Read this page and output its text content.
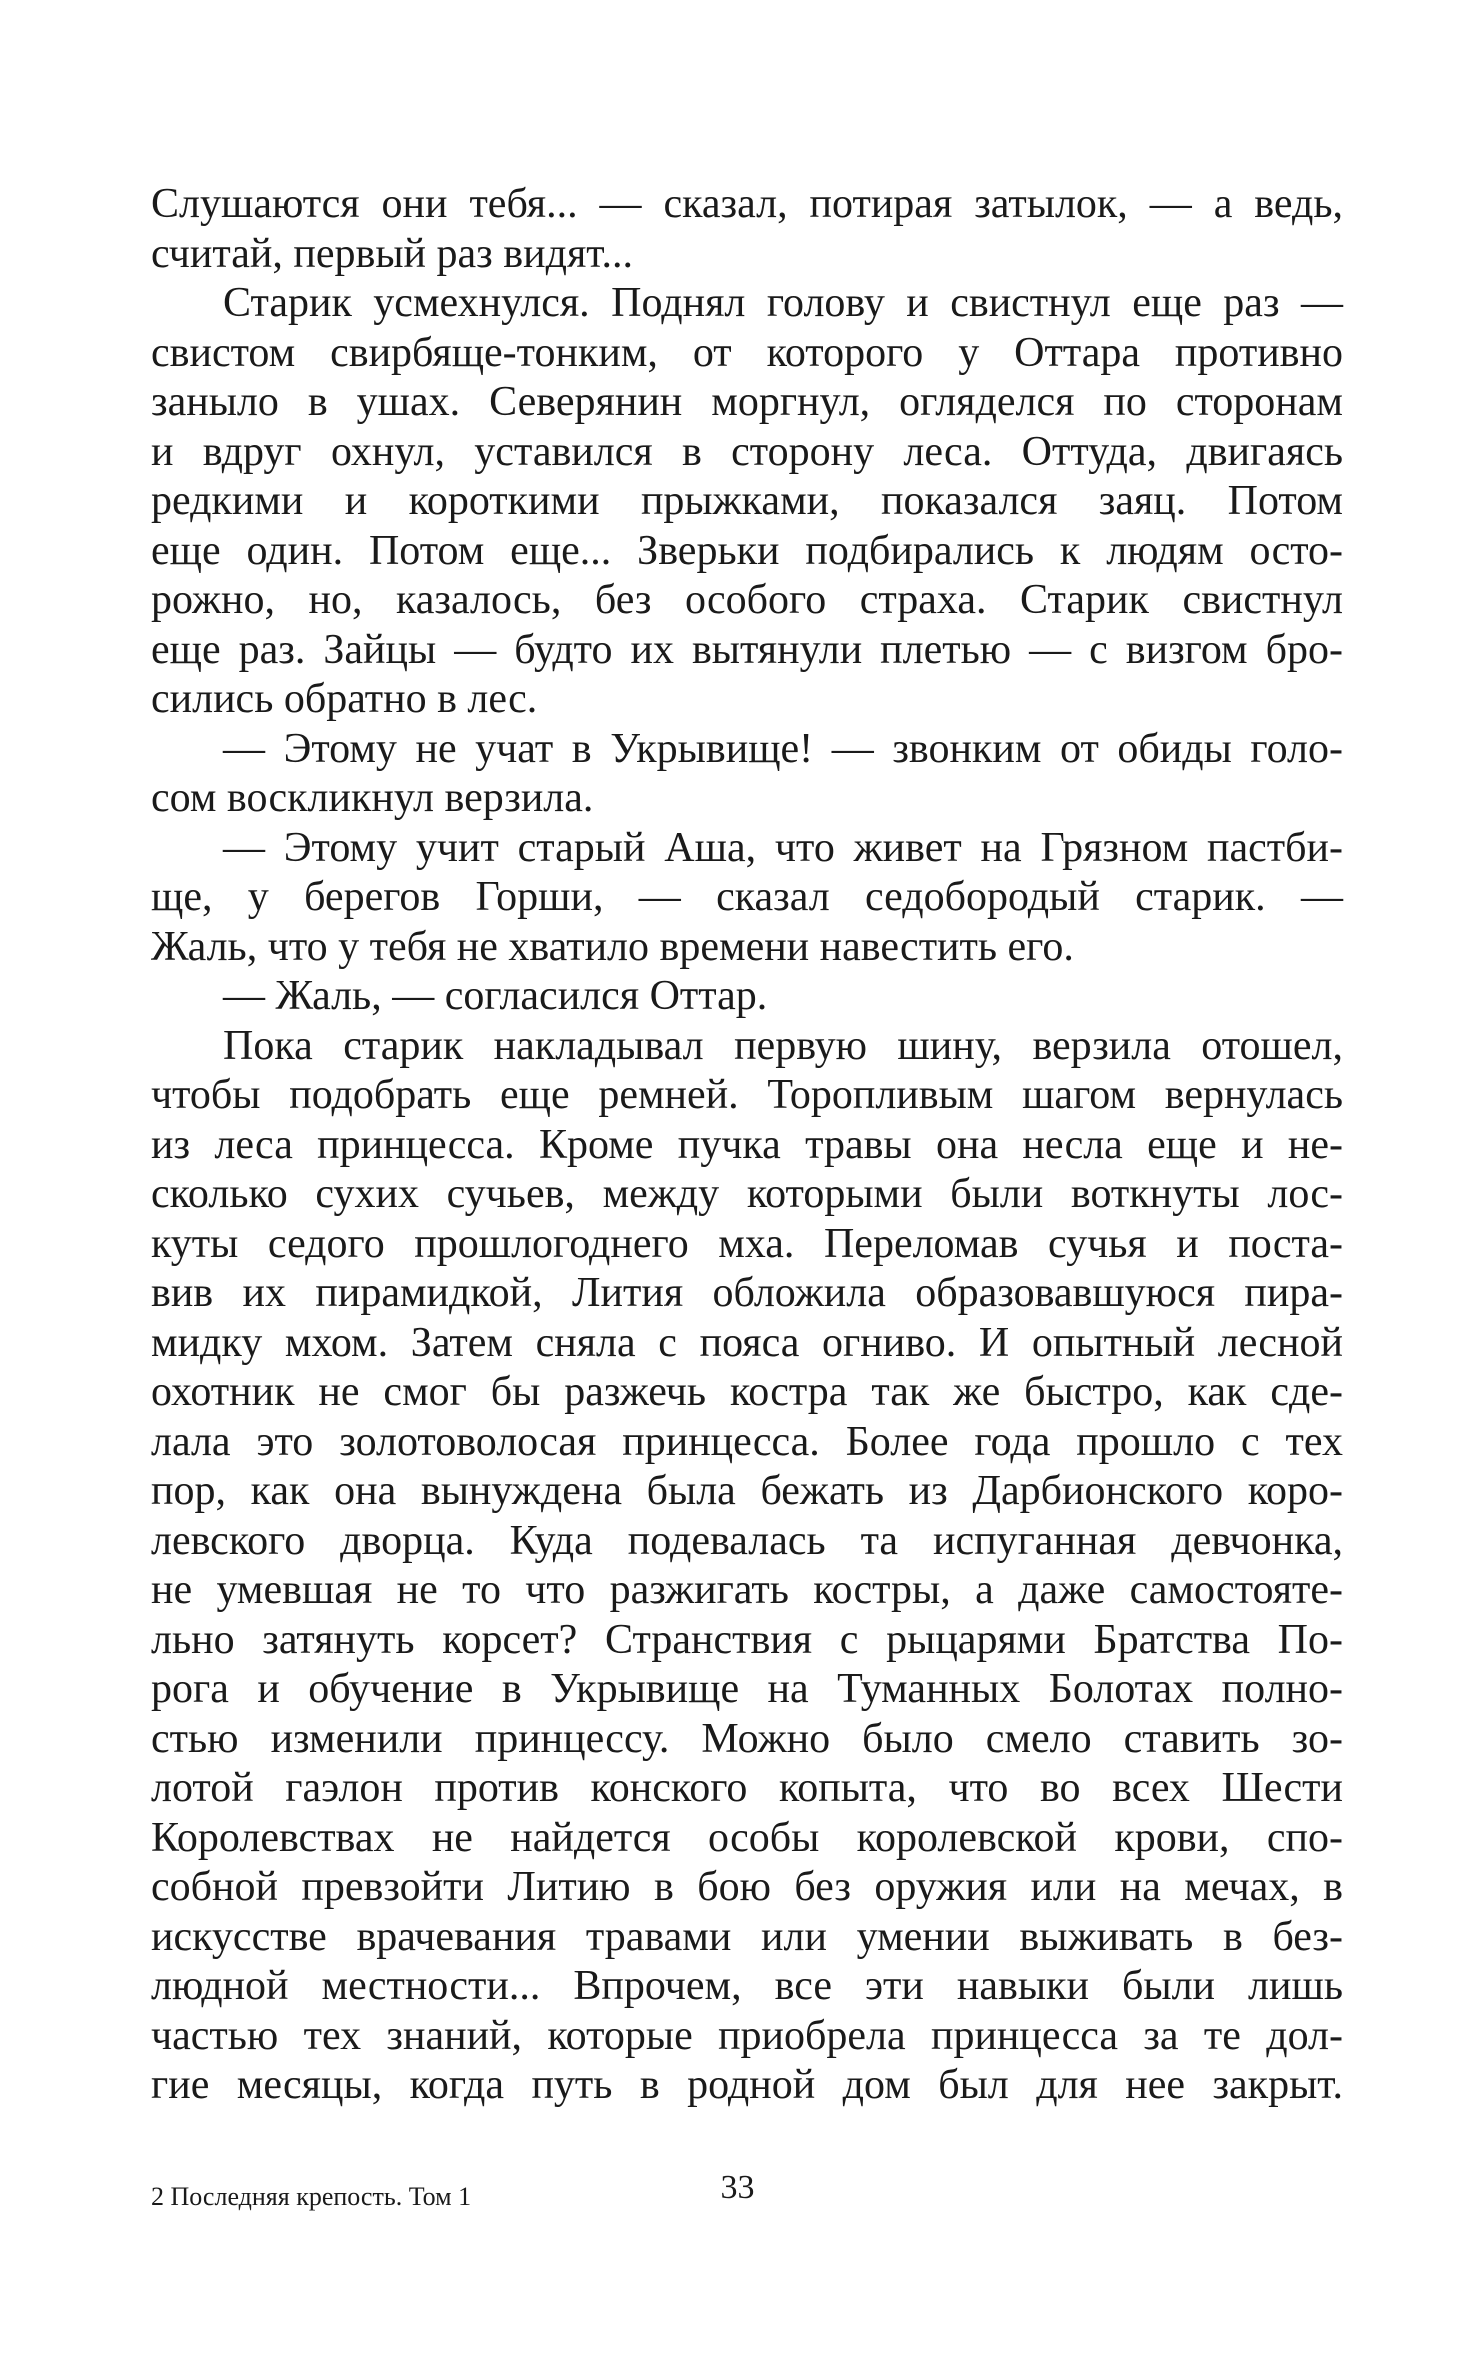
Слушаются они тебя... — сказал, потирая затылок, — а ведь,
считай, первый раз видят...
Старик усмехнулся. Поднял голову и свистнул еще раз —
свистом свирбяще-тонким, от которого у Оттара противно
заныло в ушах. Северянин моргнул, огляделся по сторонам
и вдруг охнул, уставился в сторону леса. Оттуда, двигаясь
редкими и короткими прыжками, показался заяц. Потом
еще один. Потом еще... Зверьки подбирались к людям осто-
рожно, но, казалось, без особого страха. Старик свистнул
еще раз. Зайцы — будто их вытянули плетью — с визгом бро-
сились обратно в лес.
— Этому не учат в Укрывище! — звонким от обиды голо-
сом воскликнул верзила.
— Этому учит старый Аша, что живет на Грязном пастби-
ще, у берегов Горши, — сказал седобородый старик. —
Жаль, что у тебя не хватило времени навестить его.
— Жаль, — согласился Оттар.
Пока старик накладывал первую шину, верзила отошел,
чтобы подобрать еще ремней. Торопливым шагом вернулась
из леса принцесса. Кроме пучка травы она несла еще и не-
сколько сухих сучьев, между которыми были воткнуты лос-
куты седого прошлогоднего мха. Переломав сучья и поста-
вив их пирамидкой, Лития обложила образовавшуюся пира-
мидку мхом. Затем сняла с пояса огниво. И опытный лесной
охотник не смог бы разжечь костра так же быстро, как сде-
лала это золотоволосая принцесса. Более года прошло с тех
пор, как она вынуждена была бежать из Дарбионского коро-
левского дворца. Куда подевалась та испуганная девчонка,
не умевшая не то что разжигать костры, а даже самостояте-
льно затянуть корсет? Странствия с рыцарями Братства По-
рога и обучение в Укрывище на Туманных Болотах полно-
стью изменили принцессу. Можно было смело ставить зо-
лотой гаэлон против конского копыта, что во всех Шести
Королевствах не найдется особы королевской крови, спо-
собной превзойти Литию в бою без оружия или на мечах, в
искусстве врачевания травами или умении выживать в без-
людной местности... Впрочем, все эти навыки были лишь
частью тех знаний, которые приобрела принцесса за те дол-
гие месяцы, когда путь в родной дом был для нее закрыт.
2 Последняя крепость. Том 1	33
